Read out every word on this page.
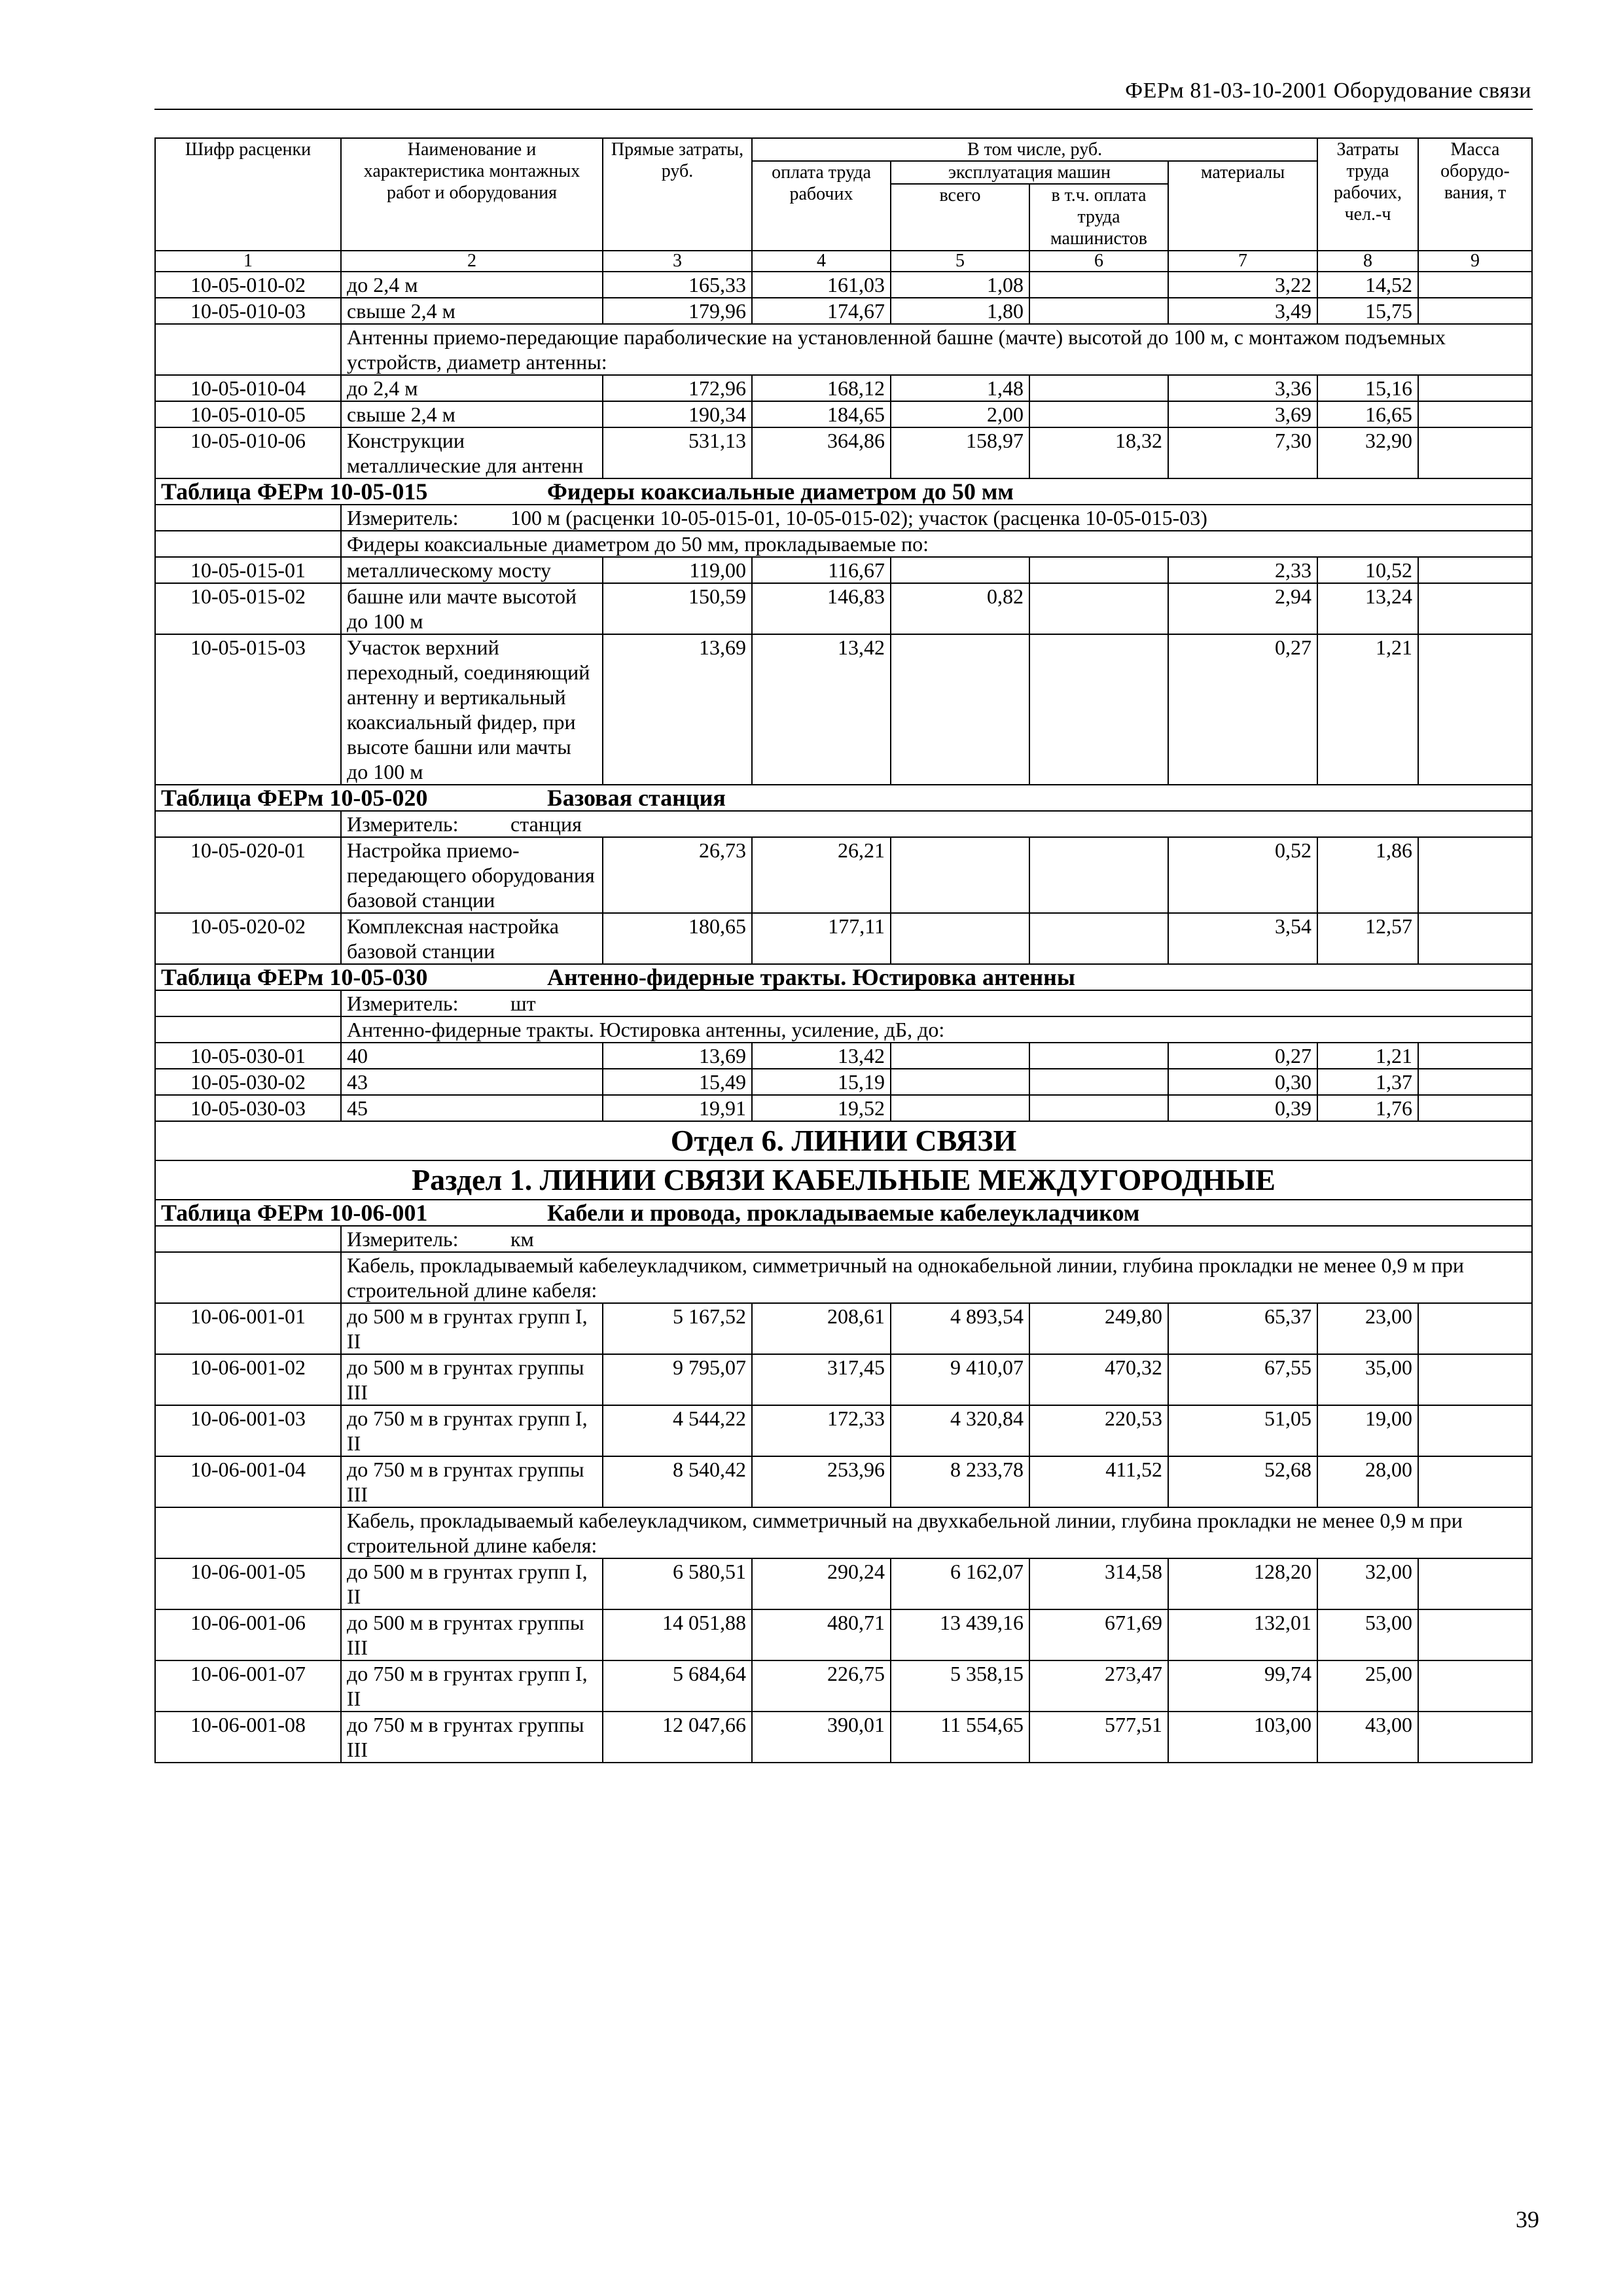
ФЕРм 81-03-10-2001 Оборудование связи
Шифр расценки	Наименование и характеристика монтажных работ и оборудования	Прямые затраты, руб.	В том числе, руб.				Затраты труда рабочих, чел.-ч	Масса оборудо-вания, т
			оплата труда рабочих	эксплуатация машин		материалы		
				всего	в т.ч. оплата труда машинистов			
1	2	3	4	5	6	7	8	9
10-05-010-02	до 2,4 м	165,33	161,03	1,08		3,22	14,52	
10-05-010-03	свыше 2,4 м	179,96	174,67	1,80		3,49	15,75	
	Антенны приемо-передающие параболические на установленной башне (мачте) высотой до 100 м, с монтажом подъемных устройств, диаметр антенны:							
10-05-010-04	до 2,4 м	172,96	168,12	1,48		3,36	15,16	
10-05-010-05	свыше 2,4 м	190,34	184,65	2,00		3,69	16,65	
10-05-010-06	Конструкции металлические для антенн	531,13	364,86	158,97	18,32	7,30	32,90	
Таблица ФЕРм 10-05-015 Фидеры коаксиальные диаметром до 50 мм								
	Измеритель: 100 м (расценки 10-05-015-01, 10-05-015-02); участок (расценка 10-05-015-03)							
	Фидеры коаксиальные диаметром до 50 мм, прокладываемые по:							
10-05-015-01	металлическому мосту	119,00	116,67			2,33	10,52	
10-05-015-02	башне или мачте высотой до 100 м	150,59	146,83	0,82		2,94	13,24	
10-05-015-03	Участок верхний переходный, соединяющий антенну и вертикальный коаксиальный фидер, при высоте башни или мачты до 100 м	13,69	13,42			0,27	1,21	
Таблица ФЕРм 10-05-020 Базовая станция								
	Измеритель: станция							
10-05-020-01	Настройка приемо-передающего оборудования базовой станции	26,73	26,21			0,52	1,86	
10-05-020-02	Комплексная настройка базовой станции	180,65	177,11			3,54	12,57	
Таблица ФЕРм 10-05-030 Антенно-фидерные тракты. Юстировка антенны								
	Измеритель: шт							
	Антенно-фидерные тракты. Юстировка антенны, усиление, дБ, до:							
10-05-030-01	40	13,69	13,42			0,27	1,21	
10-05-030-02	43	15,49	15,19			0,30	1,37	
10-05-030-03	45	19,91	19,52			0,39	1,76	
Отдел 6. ЛИНИИ СВЯЗИ								
Раздел 1. ЛИНИИ СВЯЗИ КАБЕЛЬНЫЕ МЕЖДУГОРОДНЫЕ								
Таблица ФЕРм 10-06-001 Кабели и провода, прокладываемые кабелеукладчиком								
	Измеритель: км							
	Кабель, прокладываемый кабелеукладчиком, симметричный на однокабельной линии, глубина прокладки не менее 0,9 м при строительной длине кабеля:							
10-06-001-01	до 500 м в грунтах групп I, II	5 167,52	208,61	4 893,54	249,80	65,37	23,00	
10-06-001-02	до 500 м в грунтах группы III	9 795,07	317,45	9 410,07	470,32	67,55	35,00	
10-06-001-03	до 750 м в грунтах групп I, II	4 544,22	172,33	4 320,84	220,53	51,05	19,00	
10-06-001-04	до 750 м в грунтах группы III	8 540,42	253,96	8 233,78	411,52	52,68	28,00	
	Кабель, прокладываемый кабелеукладчиком, симметричный на двухкабельной линии, глубина прокладки не менее 0,9 м при строительной длине кабеля:							
10-06-001-05	до 500 м в грунтах групп I, II	6 580,51	290,24	6 162,07	314,58	128,20	32,00	
10-06-001-06	до 500 м в грунтах группы III	14 051,88	480,71	13 439,16	671,69	132,01	53,00	
10-06-001-07	до 750 м в грунтах групп I, II	5 684,64	226,75	5 358,15	273,47	99,74	25,00	
10-06-001-08	до 750 м в грунтах группы III	12 047,66	390,01	11 554,65	577,51	103,00	43,00	
39
